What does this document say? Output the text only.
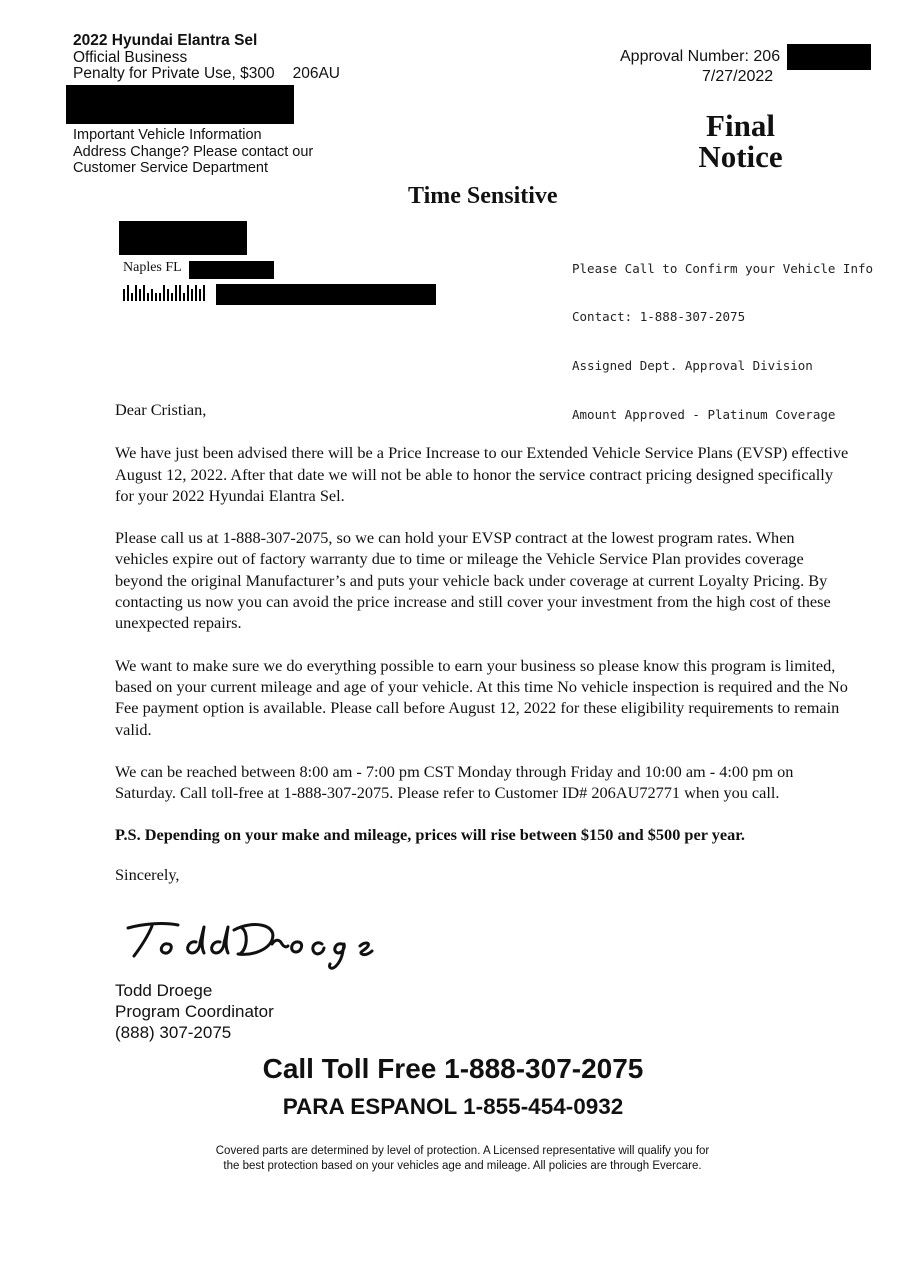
2022 Hyundai Elantra Sel
Official Business
Penalty for Private Use, $300 206AU
Important Vehicle Information
Address Change? Please contact our
Customer Service Department
Approval Number: 206
7/27/2022
Final
Notice
Time Sensitive
Naples FL

	Please Call to Confirm your Vehicle Info

Contact: 1-888-307-2075

Assigned Dept. Approval Division

Amount Approved - Platinum Coverage

Dear Cristian,

We have just been advised there will be a Price Increase to our Extended Vehicle Service Plans (EVSP) effective August 12, 2022. After that date we will not be able to honor the service contract pricing designed specifically for your 2022 Hyundai Elantra Sel.

Please call us at 1-888-307-2075, so we can hold your EVSP contract at the lowest program rates. When vehicles expire out of factory warranty due to time or mileage the Vehicle Service Plan provides coverage beyond the original Manufacturer’s and puts your vehicle back under coverage at current Loyalty Pricing. By contacting us now you can avoid the price increase and still cover your investment from the high cost of these unexpected repairs.

We want to make sure we do everything possible to earn your business so please know this program is limited, based on your current mileage and age of your vehicle. At this time No vehicle inspection is required and the No Fee payment option is available. Please call before August 12, 2022 for these eligibility requirements to remain valid.

We can be reached between 8:00 am - 7:00 pm CST Monday through Friday and 10:00 am - 4:00 pm on Saturday. Call toll-free at 1-888-307-2075. Please refer to Customer ID# 206AU72771 when you call.

P.S. Depending on your make and mileage, prices will rise between $150 and $500 per year.

Sincerely,

Todd Droege
Program Coordinator
(888) 307-2075
Call Toll Free 1-888-307-2075
PARA ESPANOL 1-855-454-0932
Covered parts are determined by level of protection. A Licensed representative will qualify you for
the best protection based on your vehicles age and mileage. All policies are through Evercare.
